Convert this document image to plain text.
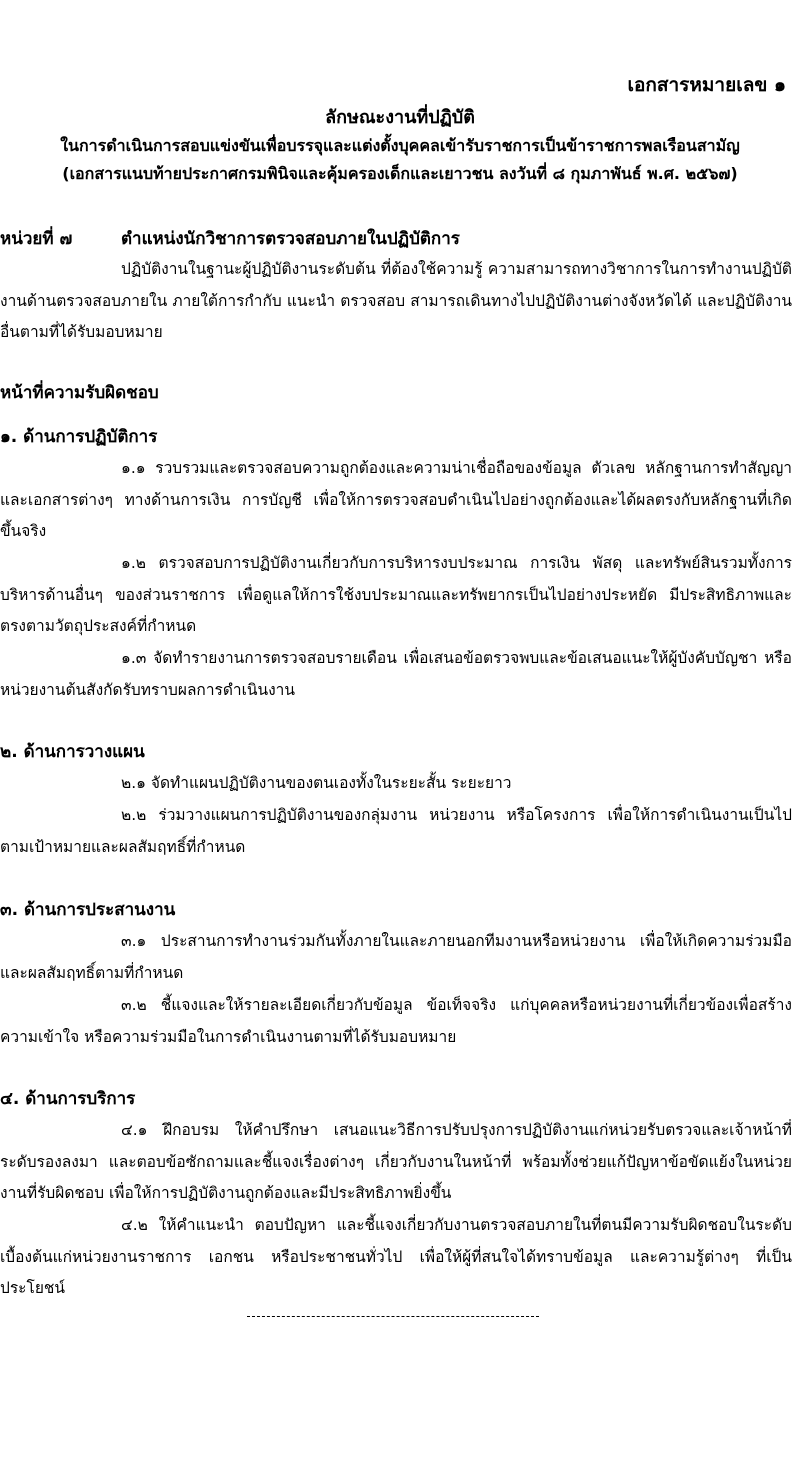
เอกสารหมายเลข ๑
ลักษณะงานที่ปฏิบัติ
ในการดำเนินการสอบแข่งขันเพื่อบรรจุและแต่งตั้งบุคคลเข้ารับราชการเป็นข้าราชการพลเรือนสามัญ
(เอกสารแนบท้ายประกาศกรมพินิจและคุ้มครองเด็กและเยาวชน ลงวันที่ ๘ กุมภาพันธ์ พ.ศ. ๒๕๖๗)
หน่วยที่ ๗	ตำแหน่งนักวิชาการตรวจสอบภายในปฏิบัติการ

ปฏิบัติงานในฐานะผู้ปฏิบัติงานระดับต้น ที่ต้องใช้ความรู้ ความสามารถทางวิชาการในการทำงานปฏิบัติงานด้านตรวจสอบภายใน ภายใต้การกำกับ แนะนำ ตรวจสอบ สามารถเดินทางไปปฏิบัติงานต่างจังหวัดได้ และปฏิบัติงานอื่นตามที่ได้รับมอบหมาย

หน้าที่ความรับผิดชอบ
๑. ด้านการปฏิบัติการ

๑.๑ รวบรวมและตรวจสอบความถูกต้องและความน่าเชื่อถือของข้อมูล ตัวเลข หลักฐานการทำสัญญา และเอกสารต่างๆ ทางด้านการเงิน การบัญชี เพื่อให้การตรวจสอบดำเนินไปอย่างถูกต้องและได้ผลตรงกับหลักฐานที่เกิดขึ้นจริง

๑.๒ ตรวจสอบการปฏิบัติงานเกี่ยวกับการบริหารงบประมาณ การเงิน พัสดุ และทรัพย์สินรวมทั้งการบริหารด้านอื่นๆ ของส่วนราชการ เพื่อดูแลให้การใช้งบประมาณและทรัพยากรเป็นไปอย่างประหยัด มีประสิทธิภาพและตรงตามวัตถุประสงค์ที่กำหนด

๑.๓ จัดทำรายงานการตรวจสอบรายเดือน เพื่อเสนอข้อตรวจพบและข้อเสนอแนะให้ผู้บังคับบัญชา หรือหน่วยงานต้นสังกัดรับทราบผลการดำเนินงาน

๒. ด้านการวางแผน

๒.๑ จัดทำแผนปฏิบัติงานของตนเองทั้งในระยะสั้น ระยะยาว

๒.๒ ร่วมวางแผนการปฏิบัติงานของกลุ่มงาน หน่วยงาน หรือโครงการ เพื่อให้การดำเนินงานเป็นไปตามเป้าหมายและผลสัมฤทธิ์ที่กำหนด

๓. ด้านการประสานงาน

๓.๑ ประสานการทำงานร่วมกันทั้งภายในและภายนอกทีมงานหรือหน่วยงาน เพื่อให้เกิดความร่วมมือ และผลสัมฤทธิ์ตามที่กำหนด

๓.๒ ชี้แจงและให้รายละเอียดเกี่ยวกับข้อมูล ข้อเท็จจริง แก่บุคคลหรือหน่วยงานที่เกี่ยวข้องเพื่อสร้างความเข้าใจ หรือความร่วมมือในการดำเนินงานตามที่ได้รับมอบหมาย

๔. ด้านการบริการ

๔.๑ ฝึกอบรม ให้คำปรึกษา เสนอแนะวิธีการปรับปรุงการปฏิบัติงานแก่หน่วยรับตรวจและเจ้าหน้าที่ระดับรองลงมา และตอบข้อซักถามและชี้แจงเรื่องต่างๆ เกี่ยวกับงานในหน้าที่ พร้อมทั้งช่วยแก้ปัญหาข้อขัดแย้งในหน่วยงานที่รับผิดชอบ เพื่อให้การปฏิบัติงานถูกต้องและมีประสิทธิภาพยิ่งขึ้น

๔.๒ ให้คำแนะนำ ตอบปัญหา และชี้แจงเกี่ยวกับงานตรวจสอบภายในที่ตนมีความรับผิดชอบในระดับเบื้องต้นแก่หน่วยงานราชการ เอกชน หรือประชาชนทั่วไป เพื่อให้ผู้ที่สนใจได้ทราบข้อมูล และความรู้ต่างๆ ที่เป็นประโยชน์
